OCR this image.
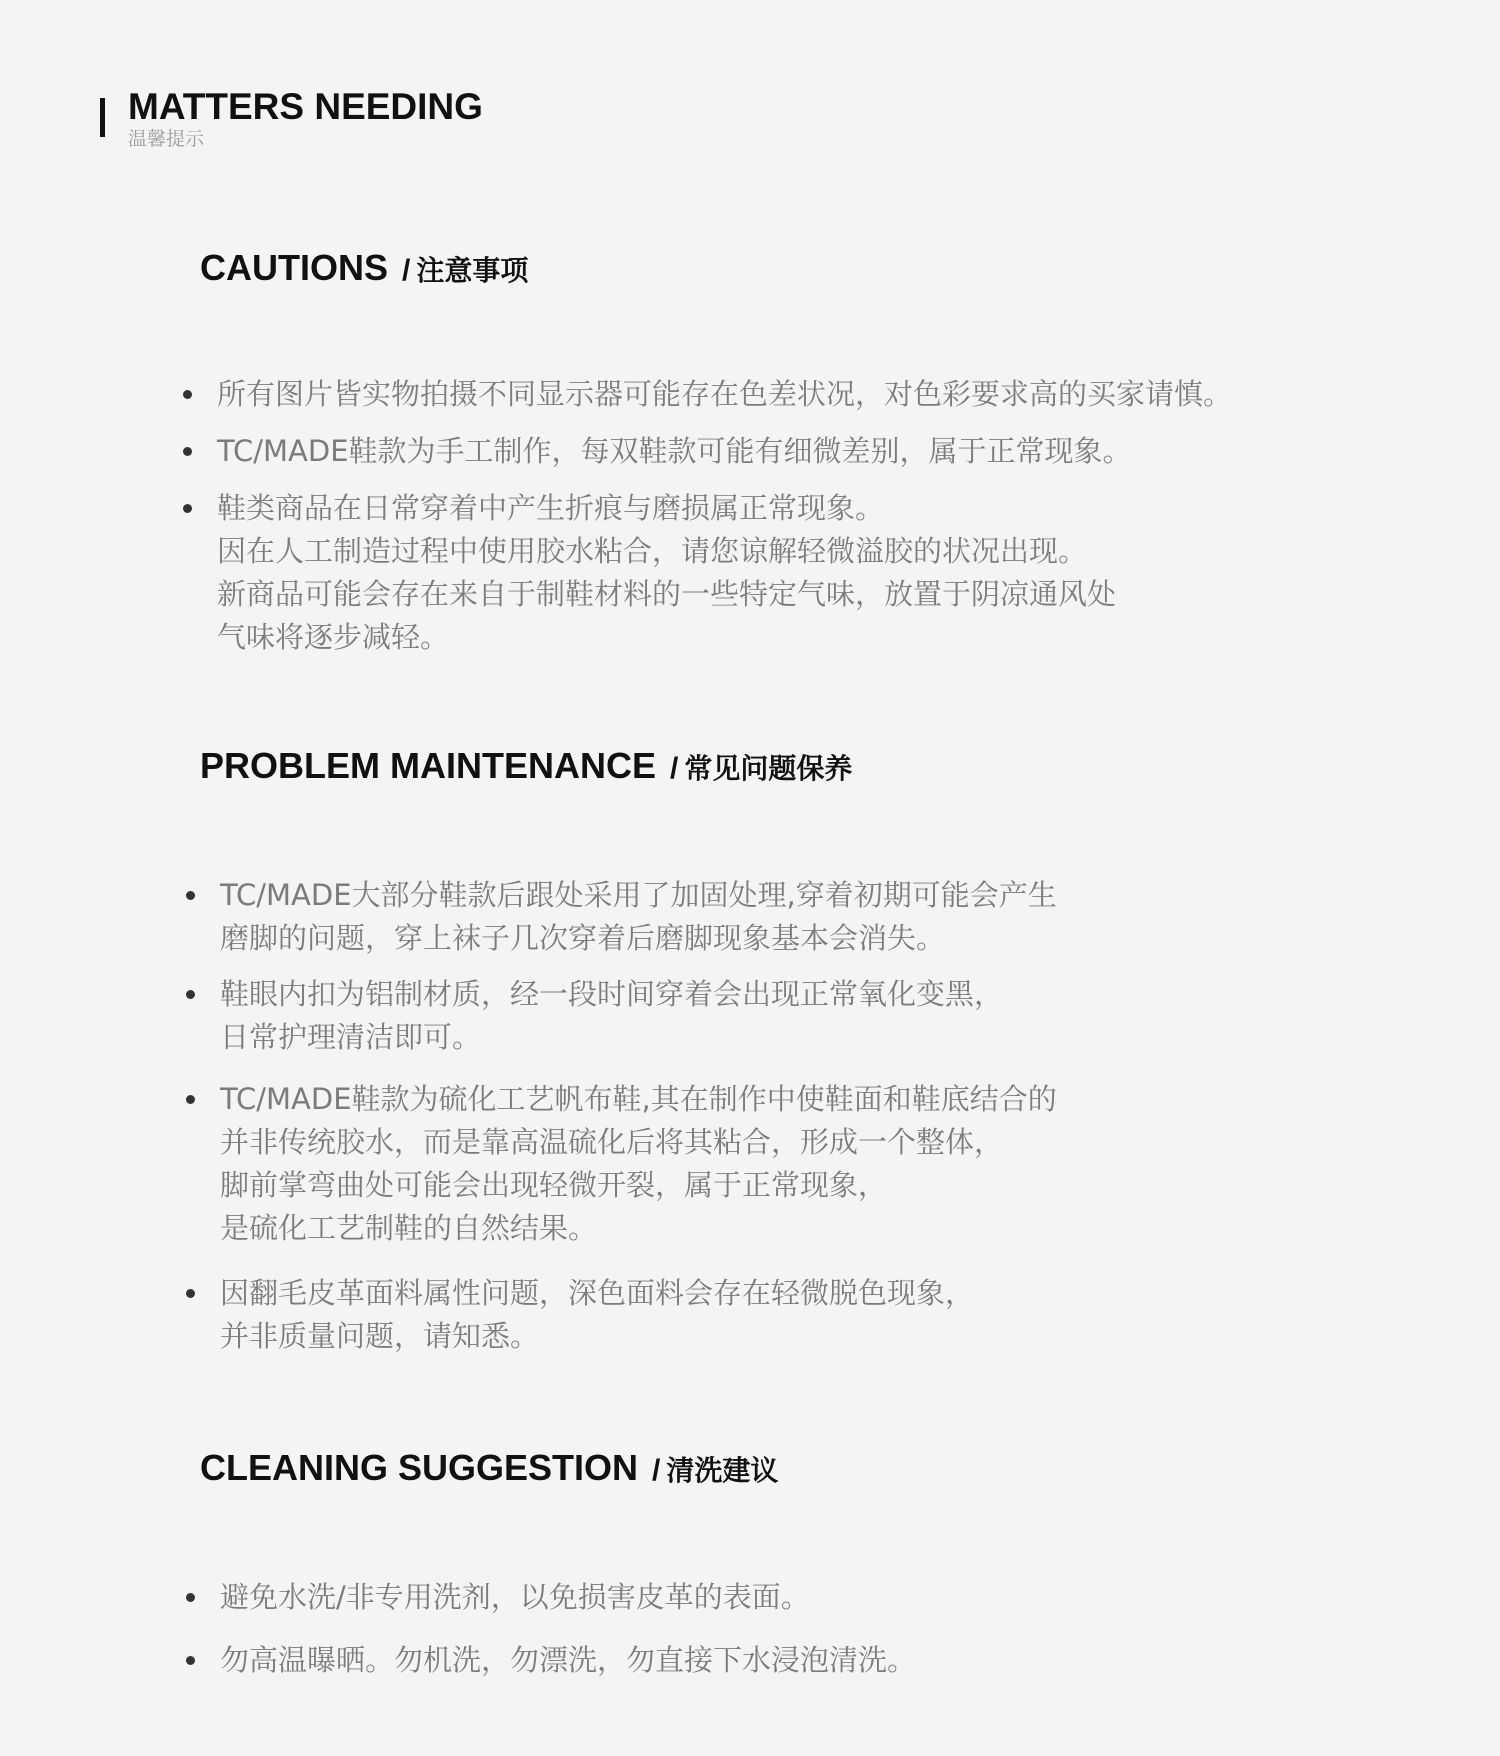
MATTERS NEEDING
温馨提示
CAUTIONS / 注意事项
所有图片皆实物拍摄不同显示器可能存在色差状况，对色彩要求高的买家请慎。
TC/MADE鞋款为手工制作，每双鞋款可能有细微差别，属于正常现象。
鞋类商品在日常穿着中产生折痕与磨损属正常现象。
因在人工制造过程中使用胶水粘合，请您谅解轻微溢胶的状况出现。
新商品可能会存在来自于制鞋材料的一些特定气味，放置于阴凉通风处
气味将逐步减轻。
PROBLEM MAINTENANCE / 常见问题保养
TC/MADE大部分鞋款后跟处采用了加固处理,穿着初期可能会产生
磨脚的问题，穿上袜子几次穿着后磨脚现象基本会消失。
鞋眼内扣为铝制材质，经一段时间穿着会出现正常氧化变黑，
日常护理清洁即可。
TC/MADE鞋款为硫化工艺帆布鞋,其在制作中使鞋面和鞋底结合的
并非传统胶水，而是靠高温硫化后将其粘合，形成一个整体，
脚前掌弯曲处可能会出现轻微开裂，属于正常现象，
是硫化工艺制鞋的自然结果。
因翻毛皮革面料属性问题，深色面料会存在轻微脱色现象，
并非质量问题，请知悉。
CLEANING SUGGESTION / 清洗建议
避免水洗/非专用洗剂，以免损害皮革的表面。
勿高温曝晒。勿机洗，勿漂洗，勿直接下水浸泡清洗。
